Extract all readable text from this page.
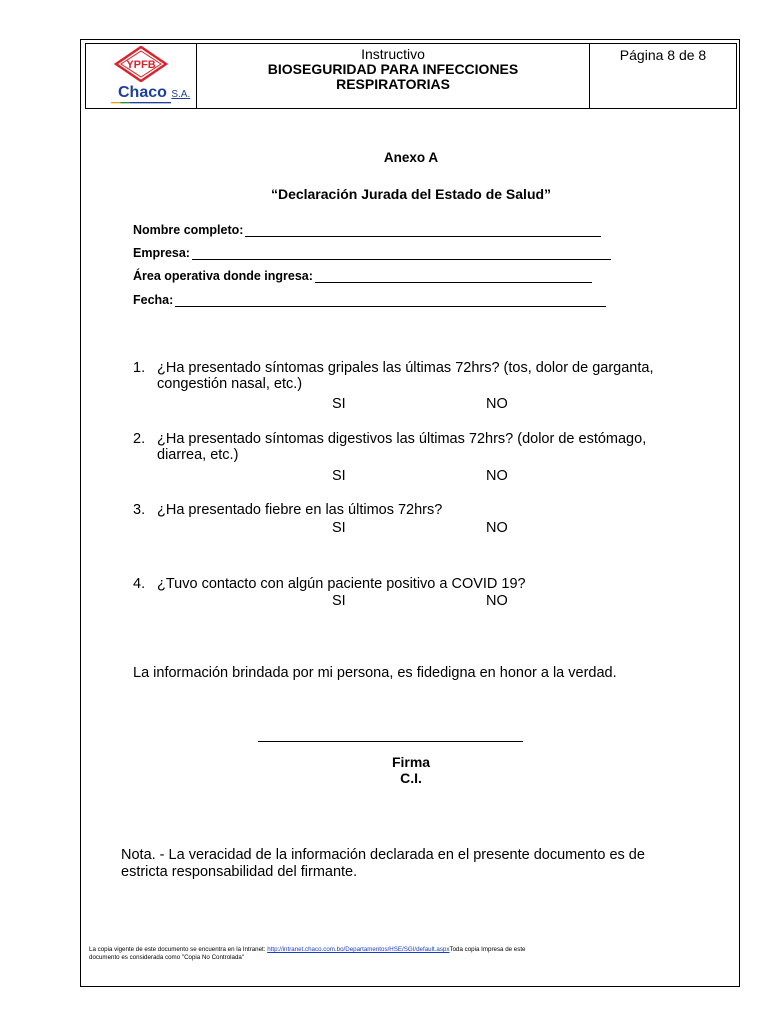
YPFB
Chaco S.A.
Instructivo
BIOSEGURIDAD PARA INFECCIONES
RESPIRATORIAS
Página 8 de 8
Anexo A
“Declaración Jurada del Estado de Salud”
Nombre completo:
Empresa:
Área operativa donde ingresa:
Fecha:
1. ¿Ha presentado síntomas gripales las últimas 72hrs? (tos, dolor de garganta,
congestión nasal, etc.)
SI	NO
2. ¿Ha presentado síntomas digestivos las últimas 72hrs? (dolor de estómago,
diarrea, etc.)
SI	NO
3. ¿Ha presentado fiebre en las últimos 72hrs?
SI	NO
4. ¿Tuvo contacto con algún paciente positivo a COVID 19?
SI	NO
La información brindada por mi persona, es fidedigna en honor a la verdad.
Firma
C.I.
Nota. - La veracidad de la información declarada en el presente documento es de
estricta responsabilidad del firmante.
La copia vigente de este documento se encuentra en la Intranet: http://intranet.chaco.com.bo/Departamentos/HSE/SGI/default.aspxToda copia Impresa de este
documento es considerada como "Copia No Controlada"
